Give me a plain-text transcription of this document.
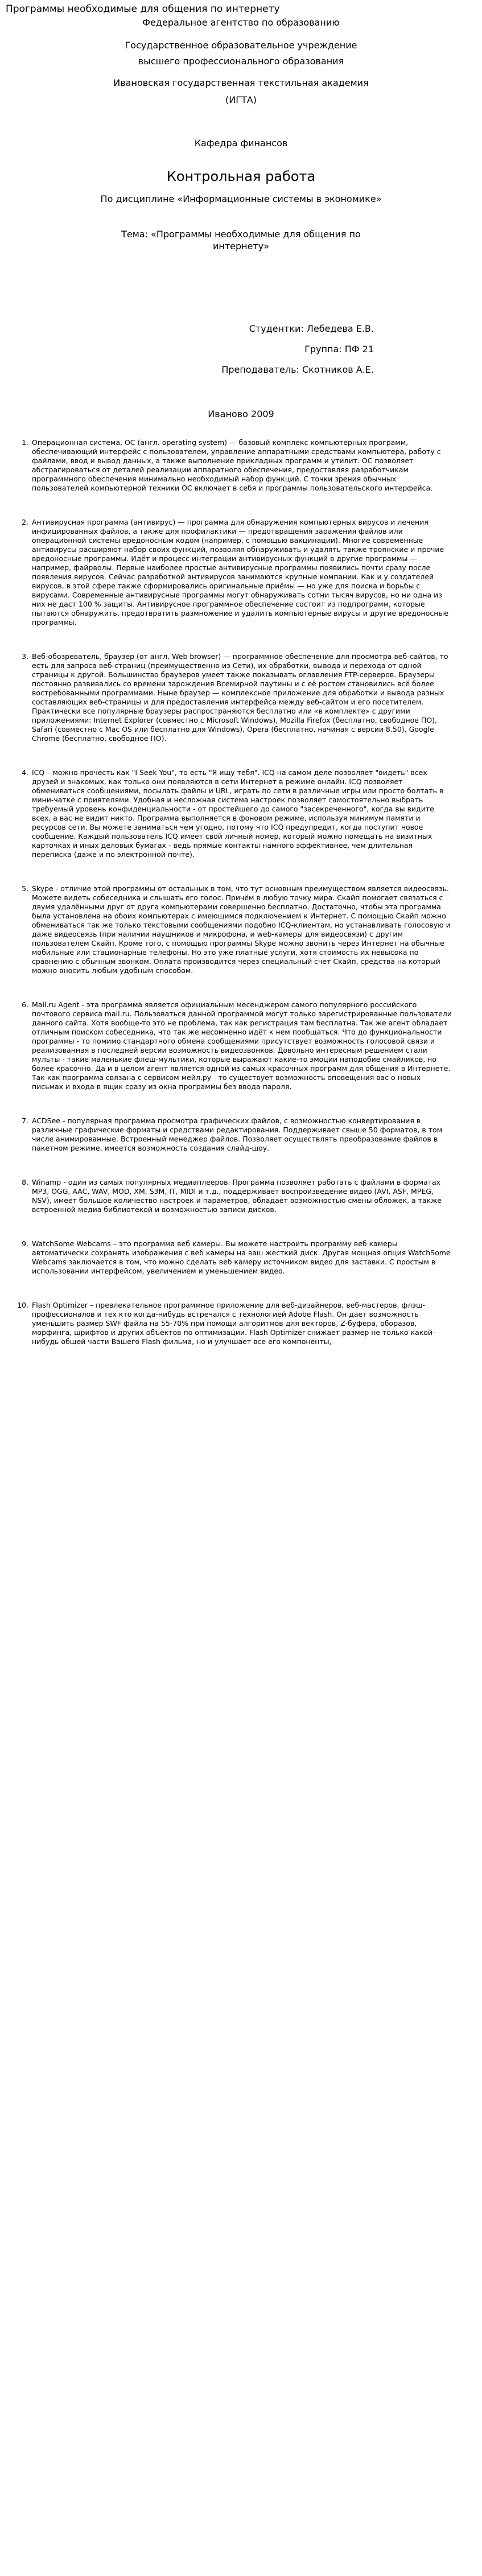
Программы необходимые для общения по интернету
Федеральное агентство по образованию
Государственное образовательное учреждение
высшего профессионального образования
Ивановская государственная текстильная академия
(ИГТА)
Кафедра финансов
Контрольная работа
По дисциплине «Информационные системы в экономике»
Тема: «Программы необходимые для общения по
интернету»
Студентки: Лебедева Е.В.
Группа: ПФ 21
Преподаватель: Скотников А.Е.
Иваново 2009
1. Операционная система, ОС (англ. operating system) — базовый комплекс компьютерных программ, обеспечивающий интерфейс с пользователем, управление аппаратными средствами компьютера, работу с файлами, ввод и вывод данных, а также выполнение прикладных программ и утилит. ОС позволяет абстрагироваться от деталей реализации аппаратного обеспечения, предоставляя разработчикам программного обеспечения минимально необходимый набор функций. С точки зрения обычных пользователей компьютерной техники ОС включает в себя и программы пользовательского интерфейса.
2. Антивирусная программа (антивирус) — программа для обнаружения компьютерных вирусов и лечения инфицированных файлов, а также для профилактики — предотвращения заражения файлов или операционной системы вредоносным кодом (например, с помощью вакцинации). Многие современные антивирусы расширяют набор своих функций, позволяя обнаруживать и удалять также троянские и прочие вредоносные программы. Идёт и процесс интеграции антивирусных функций в другие программы — например, файрволы. Первые наиболее простые антивирусные программы появились почти сразу после появления вирусов. Сейчас разработкой антивирусов занимаются крупные компании. Как и у создателей вирусов, в этой сфере также сформировались оригинальные приёмы — но уже для поиска и борьбы с вирусами. Современные антивирусные программы могут обнаруживать сотни тысяч вирусов, но ни одна из них не даст 100 % защиты. Антивирусное программное обеспечение состоит из подпрограмм, которые пытаются обнаружить, предотвратить размножение и удалить компьютерные вирусы и другие вредоносные программы.
3. Веб-обозреватель, браузер (от англ. Web browser) — программное обеспечение для просмотра веб-сайтов, то есть для запроса веб-страниц (преимущественно из Сети), их обработки, вывода и перехода от одной страницы к другой. Большинство браузеров умеет также показывать оглавления FTP-серверов. Браузеры постоянно развивались со времени зарождения Всемирной паутины и с её ростом становились всё более востребованными программами. Ныне браузер — комплексное приложение для обработки и вывода разных составляющих веб-страницы и для предоставления интерфейса между веб-сайтом и его посетителем. Практически все популярные браузеры распространяются бесплатно или «в комплекте» с другими приложениями: Internet Explorer (совместно с Microsoft Windows), Mozilla Firefox (бесплатно, свободное ПО), Safari (совместно с Mac OS или бесплатно для Windows), Opera (бесплатно, начиная с версии 8.50), Google Chrome (бесплатно, свободное ПО).
4. ICQ – можно прочесть как "I Seek You", то есть "Я ищу тебя". ICQ на самом деле позволяет "видеть" всех друзей и знакомых, как только они появляются в сети Интернет в режиме онлайн. ICQ позволяет обмениваться сообщениями, посылать файлы и URL, играть по сети в различные игры или просто болтать в мини-чатке с приятелями. Удобная и несложная система настроек позволяет самостоятельно выбрать требуемый уровень конфиденциальности - от простейшего до самого "засекреченного", когда вы видите всех, а вас не видит никто. Программа выполняется в фоновом режиме, используя минимум памяти и ресурсов сети. Вы можете заниматься чем угодно, потому что ICQ предупредит, когда поступит новое сообщение. Каждый пользователь ICQ имеет свой личный номер, который можно помещать на визитных карточках и иных деловых бумагах - ведь прямые контакты намного эффективнее, чем длительная переписка (даже и по электронной почте).
5. Skype - отличие этой программы от остальных в том, что тут основным преимуществом является видеосвязь. Можете видеть собеседника и слышать его голос. Причём в любую точку мира. Скайп помогает связаться с двумя удалёнными друг от друга компьютерами совершенно бесплатно. Достаточно, чтобы эта программа была установлена на обоих компьютерах с имеющимся подключением к Интернет. С помощью Скайп можно обмениваться так же только текстовыми сообщениями подобно ICQ-клиентам, но устанавливать голосовую и даже видеосвязь (при наличии наушников и микрофона, и web-камеры для видеосвязи) с другим пользователем Скайп. Кроме того, с помощью программы Skype можно звонить через Интернет на обычные мобильные или стационарные телефоны. Но это уже платные услуги, хотя стоимость их невысока по сравнению с обычным звонком. Оплата производится через специальный счет Скайп, средства на который можно вносить любым удобным способом.
6. Mail.ru Agent - эта программа является официальным месенджером самого популярного российского почтового сервиса mail.ru. Пользоваться данной программой могут только зарегистрированные пользователи данного сайта. Хотя вообще-то это не проблема, так как регистрация там бесплатна. Так же агент обладает отличным поиском собеседника, что так же несомненно идёт к нем пообщаться. Что до функциональности программы - то помимо стандартного обмена сообщениями присутствует возможность голосовой связи и реализованная в последней версии возможность видеозвонков. Довольно интересным решением стали мульты - такие маленькие флеш-мультики, которые выражают какие-то эмоции наподобие смайликов, но более красочно. Да и в целом агент является одной из самых красочных программ для общения в Интернете. Так как программа связана с сервисом мейл.ру - то существует возможность оповещения вас о новых письмах и входа в ящик сразу из окна программы без ввода пароля.
7. ACDSee - популярная программа просмотра графических файлов, с возможностью конвертирования в различные графические форматы и средствами редактирования. Поддерживает свыше 50 форматов, в том числе анимированные. Встроенный менеджер файлов. Позволяет осуществлять преобразование файлов в пакетном режиме, имеется возможность создания слайд-шоу.
8. Winamp - один из самых популярных медиаплееров. Программа позволяет работать с файлами в форматах MP3, OGG, AAC, WAV, MOD, XM, S3M, IT, MIDI и т.д., поддерживает воспроизведение видео (AVI, ASF, MPEG, NSV), имеет большое количество настроек и параметров, обладает возможностью смены обложек, а также встроенной медиа библиотекой и возможностью записи дисков.
9. WatchSome Webcams – это программа веб камеры. Вы можете настроить программу веб камеры автоматически сохранять изображения с веб камеры на ваш жесткий диск. Другая мощная опция WatchSome Webcams заключается в том, что можно сделать веб камеру источником видео для заставки. С простым в использовании интерфейсом, увеличением и уменьшением видео.
10. Flash Optimizer – превлекательное программное приложение для веб-дизайнеров, веб-мастеров, флэш-профессионалов и тех кто когда-нибудь встречался с технологией Adobe Flash. Он дает возможность уменьшить размер SWF файла на 55-70% при помощи алгоритмов для векторов, Z-буфера, оборазов, морфинга, шрифтов и других объектов по оптимизации. Flash Optimizer снижает размер не только какой-нибудь общей части Вашего Flash фильма, но и улучшает все его компоненты,
